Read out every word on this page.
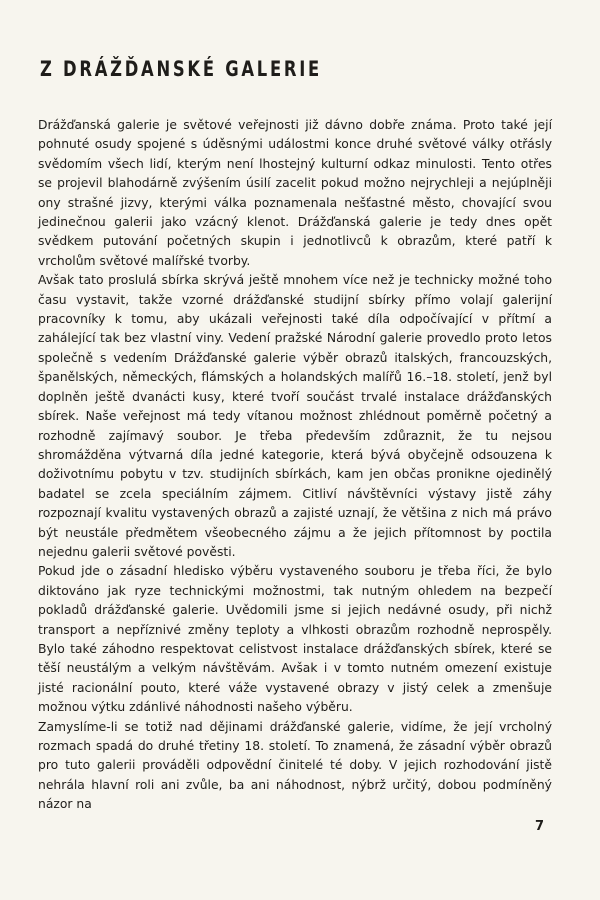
Z DRÁŽĎANSKÉ GALERIE

Drážďanská galerie je světové veřejnosti již dávno dobře známa. Proto také její pohnuté osudy spojené s úděsnými událostmi konce druhé světové války otřásly svědomím všech lidí, kterým není lhostejný kulturní odkaz minulosti. Tento otřes se projevil blahodárně zvýšením úsilí zacelit pokud možno nejrychleji a nejúplněji ony strašné jizvy, kterými válka poznamenala nešťastné město, chovající svou jedinečnou galerii jako vzácný klenot. Drážďanská galerie je tedy dnes opět svědkem putování početných skupin i jednotlivců k obrazům, které patří k vrcholům světové malířské tvorby.

Avšak tato proslulá sbírka skrývá ještě mnohem více než je technicky možné toho času vystavit, takže vzorné drážďanské studijní sbírky přímo volají galerijní pracovníky k tomu, aby ukázali veřejnosti také díla odpočívající v přítmí a zahálející tak bez vlastní viny. Vedení pražské Národní galerie provedlo proto letos společně s vedením Drážďanské galerie výběr obrazů italských, francouzských, španělských, německých, flámských a holandských malířů 16.–18. století, jenž byl doplněn ještě dvanácti kusy, které tvoří součást trvalé instalace drážďanských sbírek. Naše veřejnost má tedy vítanou možnost zhlédnout poměrně početný a rozhodně zajímavý soubor. Je třeba především zdůraznit, že tu nejsou shromážděna výtvarná díla jedné kategorie, která bývá obyčejně odsouzena k doživotnímu pobytu v tzv. studijních sbírkách, kam jen občas pronikne ojedinělý badatel se zcela speciálním zájmem. Citliví návštěvníci výstavy jistě záhy rozpoznají kvalitu vystavených obrazů a zajisté uznají, že většina z nich má právo být neustále předmětem všeobecného zájmu a že jejich přítomnost by poctila nejednu galerii světové pověsti.

Pokud jde o zásadní hledisko výběru vystaveného souboru je třeba říci, že bylo diktováno jak ryze technickými možnostmi, tak nutným ohledem na bezpečí pokladů drážďanské galerie. Uvědomili jsme si jejich nedávné osudy, při nichž transport a nepříznivé změny teploty a vlhkosti obrazům rozhodně neprospěly. Bylo také záhodno respektovat celistvost instalace drážďanských sbírek, které se těší neustálým a velkým návštěvám. Avšak i v tomto nutném omezení existuje jisté racionální pouto, které váže vystavené obrazy v jistý celek a zmenšuje možnou výtku zdánlivé náhodnosti našeho výběru.

Zamyslíme-li se totiž nad dějinami drážďanské galerie, vidíme, že její vrcholný rozmach spadá do druhé třetiny 18. století. To znamená, že zásadní výběr obrazů pro tuto galerii prováděli odpovědní činitelé té doby. V jejich rozhodování jistě nehrála hlavní roli ani zvůle, ba ani náhodnost, nýbrž určitý, dobou podmíněný názor na

7
